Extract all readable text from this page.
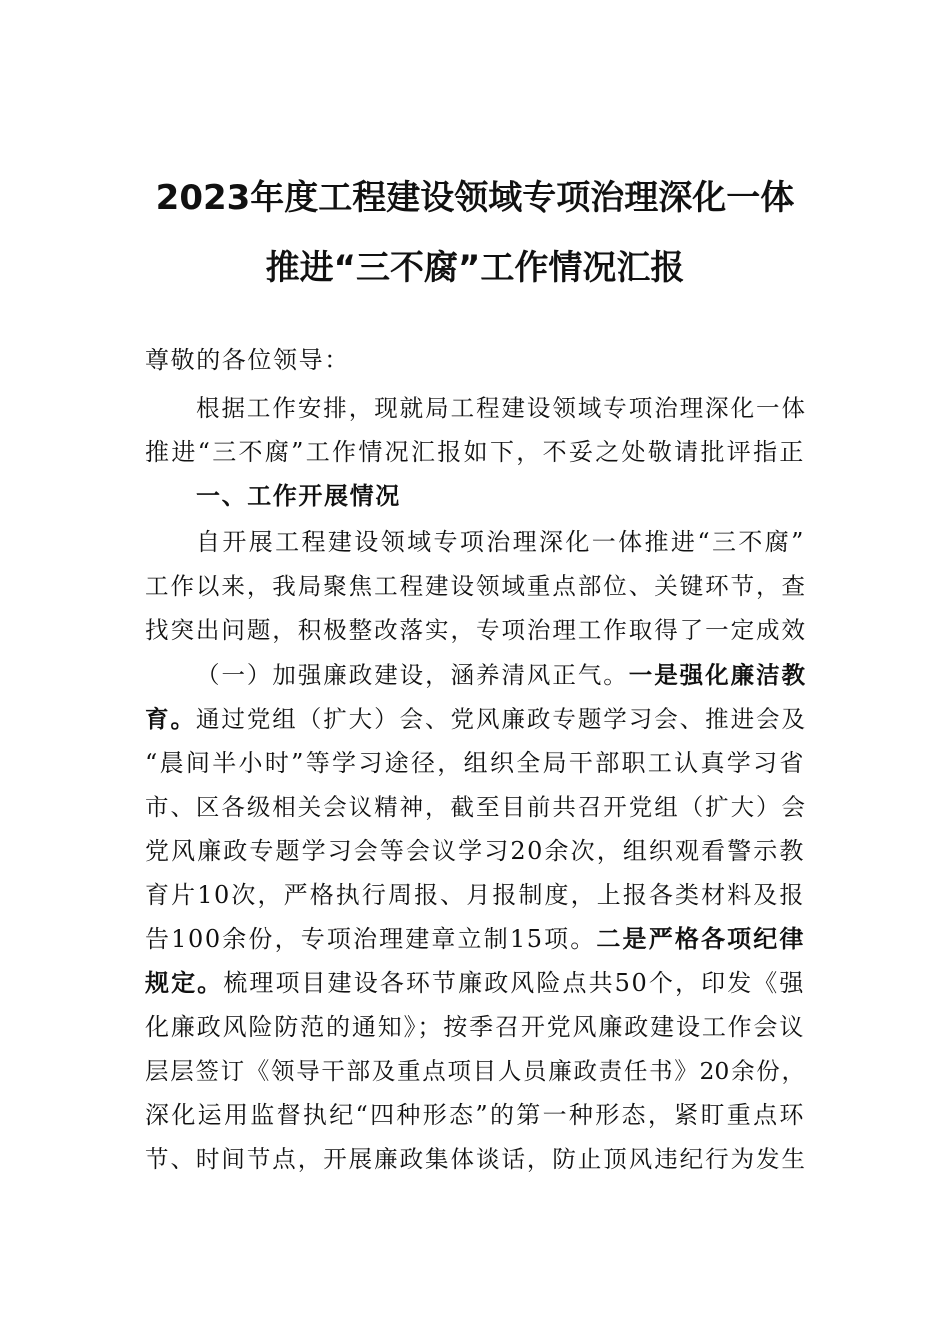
2023年度工程建设领域专项治理深化一体
推进“三不腐”工作情况汇报
尊敬的各位领导：
根据工作安排，现就局工程建设领域专项治理深化一体
推进“三不腐”工作情况汇报如下，不妥之处敬请批评指正
一、工作开展情况
自开展工程建设领域专项治理深化一体推进“三不腐”
工作以来，我局聚焦工程建设领域重点部位、关键环节，查
找突出问题，积极整改落实，专项治理工作取得了一定成效
（一）加强廉政建设，涵养清风正气。一是强化廉洁教
育。通过党组（扩大）会、党风廉政专题学习会、推进会及
“晨间半小时”等学习途径，组织全局干部职工认真学习省
市、区各级相关会议精神，截至目前共召开党组（扩大）会
党风廉政专题学习会等会议学习20余次，组织观看警示教
育片10次，严格执行周报、月报制度，上报各类材料及报
告100余份，专项治理建章立制15项。二是严格各项纪律
规定。梳理项目建设各环节廉政风险点共50个，印发《强
化廉政风险防范的通知》；按季召开党风廉政建设工作会议
层层签订《领导干部及重点项目人员廉政责任书》20余份，
深化运用监督执纪“四种形态”的第一种形态，紧盯重点环
节、时间节点，开展廉政集体谈话，防止顶风违纪行为发生
